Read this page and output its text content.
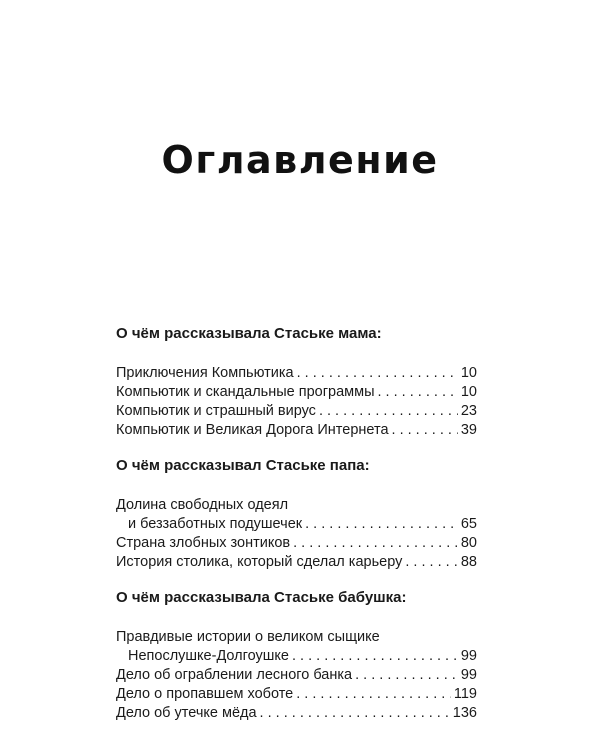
Оглавление
О чём рассказывала Стаське мама:
Приключения Компьютика . . .	10
Компьютик и скандальные программы . . .	10
Компьютик и страшный вирус . . .	23
Компьютик и Великая Дорога Интернета . . .	39
О чём рассказывал Стаське папа:
Долина свободных одеял
и беззаботных подушечек . . .	65
Страна злобных зонтиков . . .	80
История столика, который сделал карьеру . . .	88
О чём рассказывала Стаське бабушка:
Правдивые истории о великом сыщике
Непослушке-Долгоушке . . .	99
Дело об ограблении лесного банка . . .	99
Дело о пропавшем хоботе . . .	119
Дело об утечке мёда . . .	136
